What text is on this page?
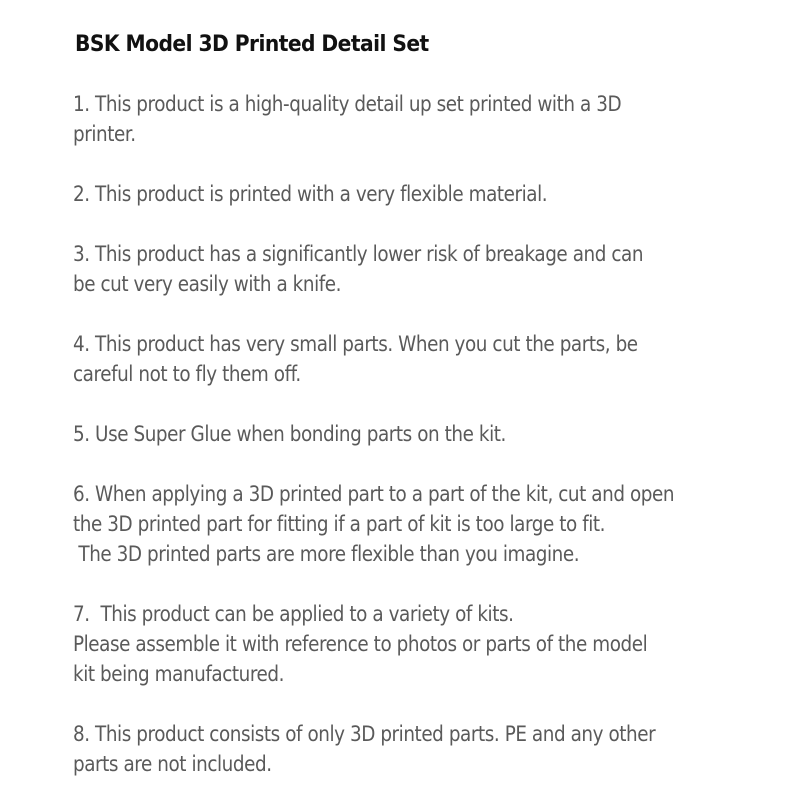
BSK Model 3D Printed Detail Set

1. This product is a high-quality detail up set printed with a 3D
printer.

2. This product is printed with a very flexible material.

3. This product has a significantly lower risk of breakage and can
be cut very easily with a knife.

4. This product has very small parts. When you cut the parts, be
careful not to fly them off.

5. Use Super Glue when bonding parts on the kit.

6. When applying a 3D printed part to a part of the kit, cut and open
the 3D printed part for fitting if a part of kit is too large to fit.
The 3D printed parts are more flexible than you imagine.

7.  This product can be applied to a variety of kits.
Please assemble it with reference to photos or parts of the model
kit being manufactured.

8. This product consists of only 3D printed parts. PE and any other
parts are not included.
